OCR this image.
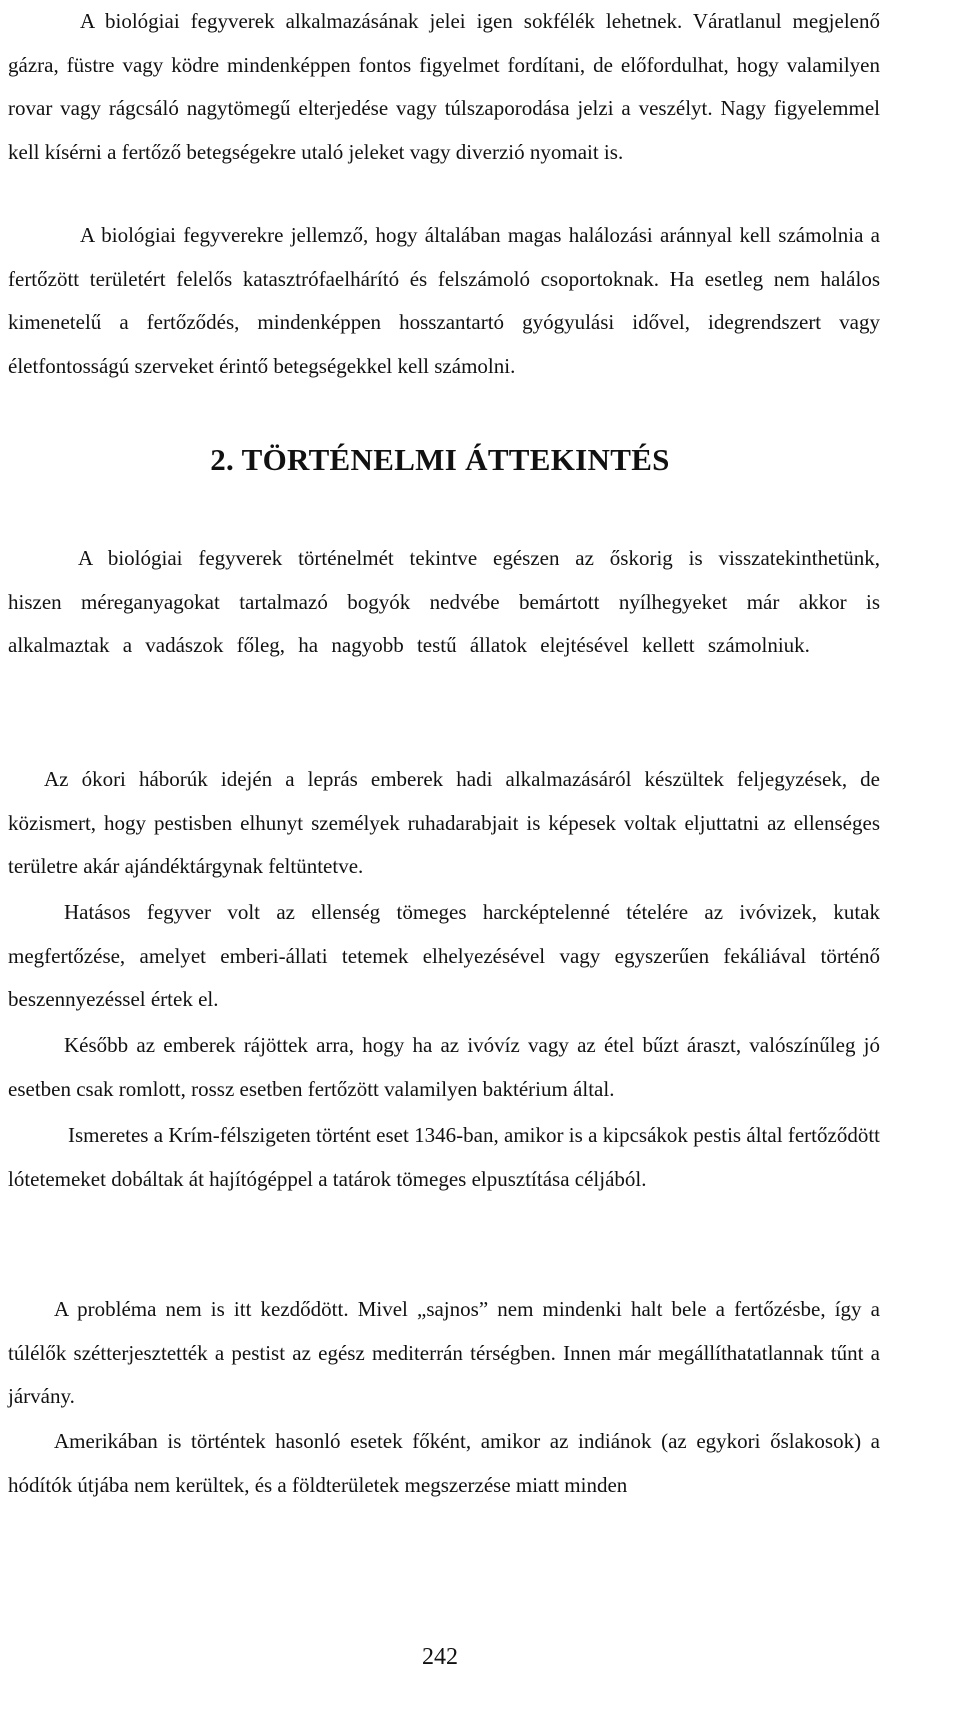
A biológiai fegyverek alkalmazásának jelei igen sokfélék lehetnek. Váratlanul megjelenő gázra, füstre vagy ködre mindenképpen fontos figyelmet fordítani, de előfordulhat, hogy valamilyen rovar vagy rágcsáló nagytömegű elterjedése vagy túlszaporodása jelzi a veszélyt. Nagy figyelemmel kell kísérni a fertőző betegségekre utaló jeleket vagy diverzió nyomait is.

A biológiai fegyverekre jellemző, hogy általában magas halálozási aránnyal kell számolnia a fertőzött területért felelős katasztrófaelhárító és felszámoló csoportoknak. Ha esetleg nem halálos kimenetelű a fertőződés, mindenképpen hosszantartó gyógyulási idővel, idegrendszert vagy életfontosságú szerveket érintő betegségekkel kell számolni.

2. TÖRTÉNELMI ÁTTEKINTÉS

A biológiai fegyverek történelmét tekintve egészen az őskorig is visszatekinthetünk, hiszen méreganyagokat tartalmazó bogyók nedvébe bemártott nyílhegyeket már akkor is alkalmaztak a vadászok főleg, ha nagyobb testű állatok elejtésével kellett számolniuk.

Az ókori háborúk idején a leprás emberek hadi alkalmazásáról készültek feljegyzések, de közismert, hogy pestisben elhunyt személyek ruhadarabjait is képesek voltak eljuttatni az ellenséges területre akár ajándéktárgynak feltüntetve.

Hatásos fegyver volt az ellenség tömeges harcképtelenné tételére az ivóvizek, kutak megfertőzése, amelyet emberi-állati tetemek elhelyezésével vagy egyszerűen fekáliával történő beszennyezéssel értek el.

Később az emberek rájöttek arra, hogy ha az ivóvíz vagy az étel bűzt áraszt, valószínűleg jó esetben csak romlott, rossz esetben fertőzött valamilyen baktérium által.

Ismeretes a Krím-félszigeten történt eset 1346-ban, amikor is a kipcsákok pestis által fertőződött lótetemeket dobáltak át hajítógéppel a tatárok tömeges elpusztítása céljából.

A probléma nem is itt kezdődött. Mivel „sajnos” nem mindenki halt bele a fertőzésbe, így a túlélők szétterjesztették a pestist az egész mediterrán térségben. Innen már megállíthatatlannak tűnt a járvány.

Amerikában is történtek hasonló esetek főként, amikor az indiánok (az egykori őslakosok) a hódítók útjába nem kerültek, és a földterületek megszerzése miatt minden

242
